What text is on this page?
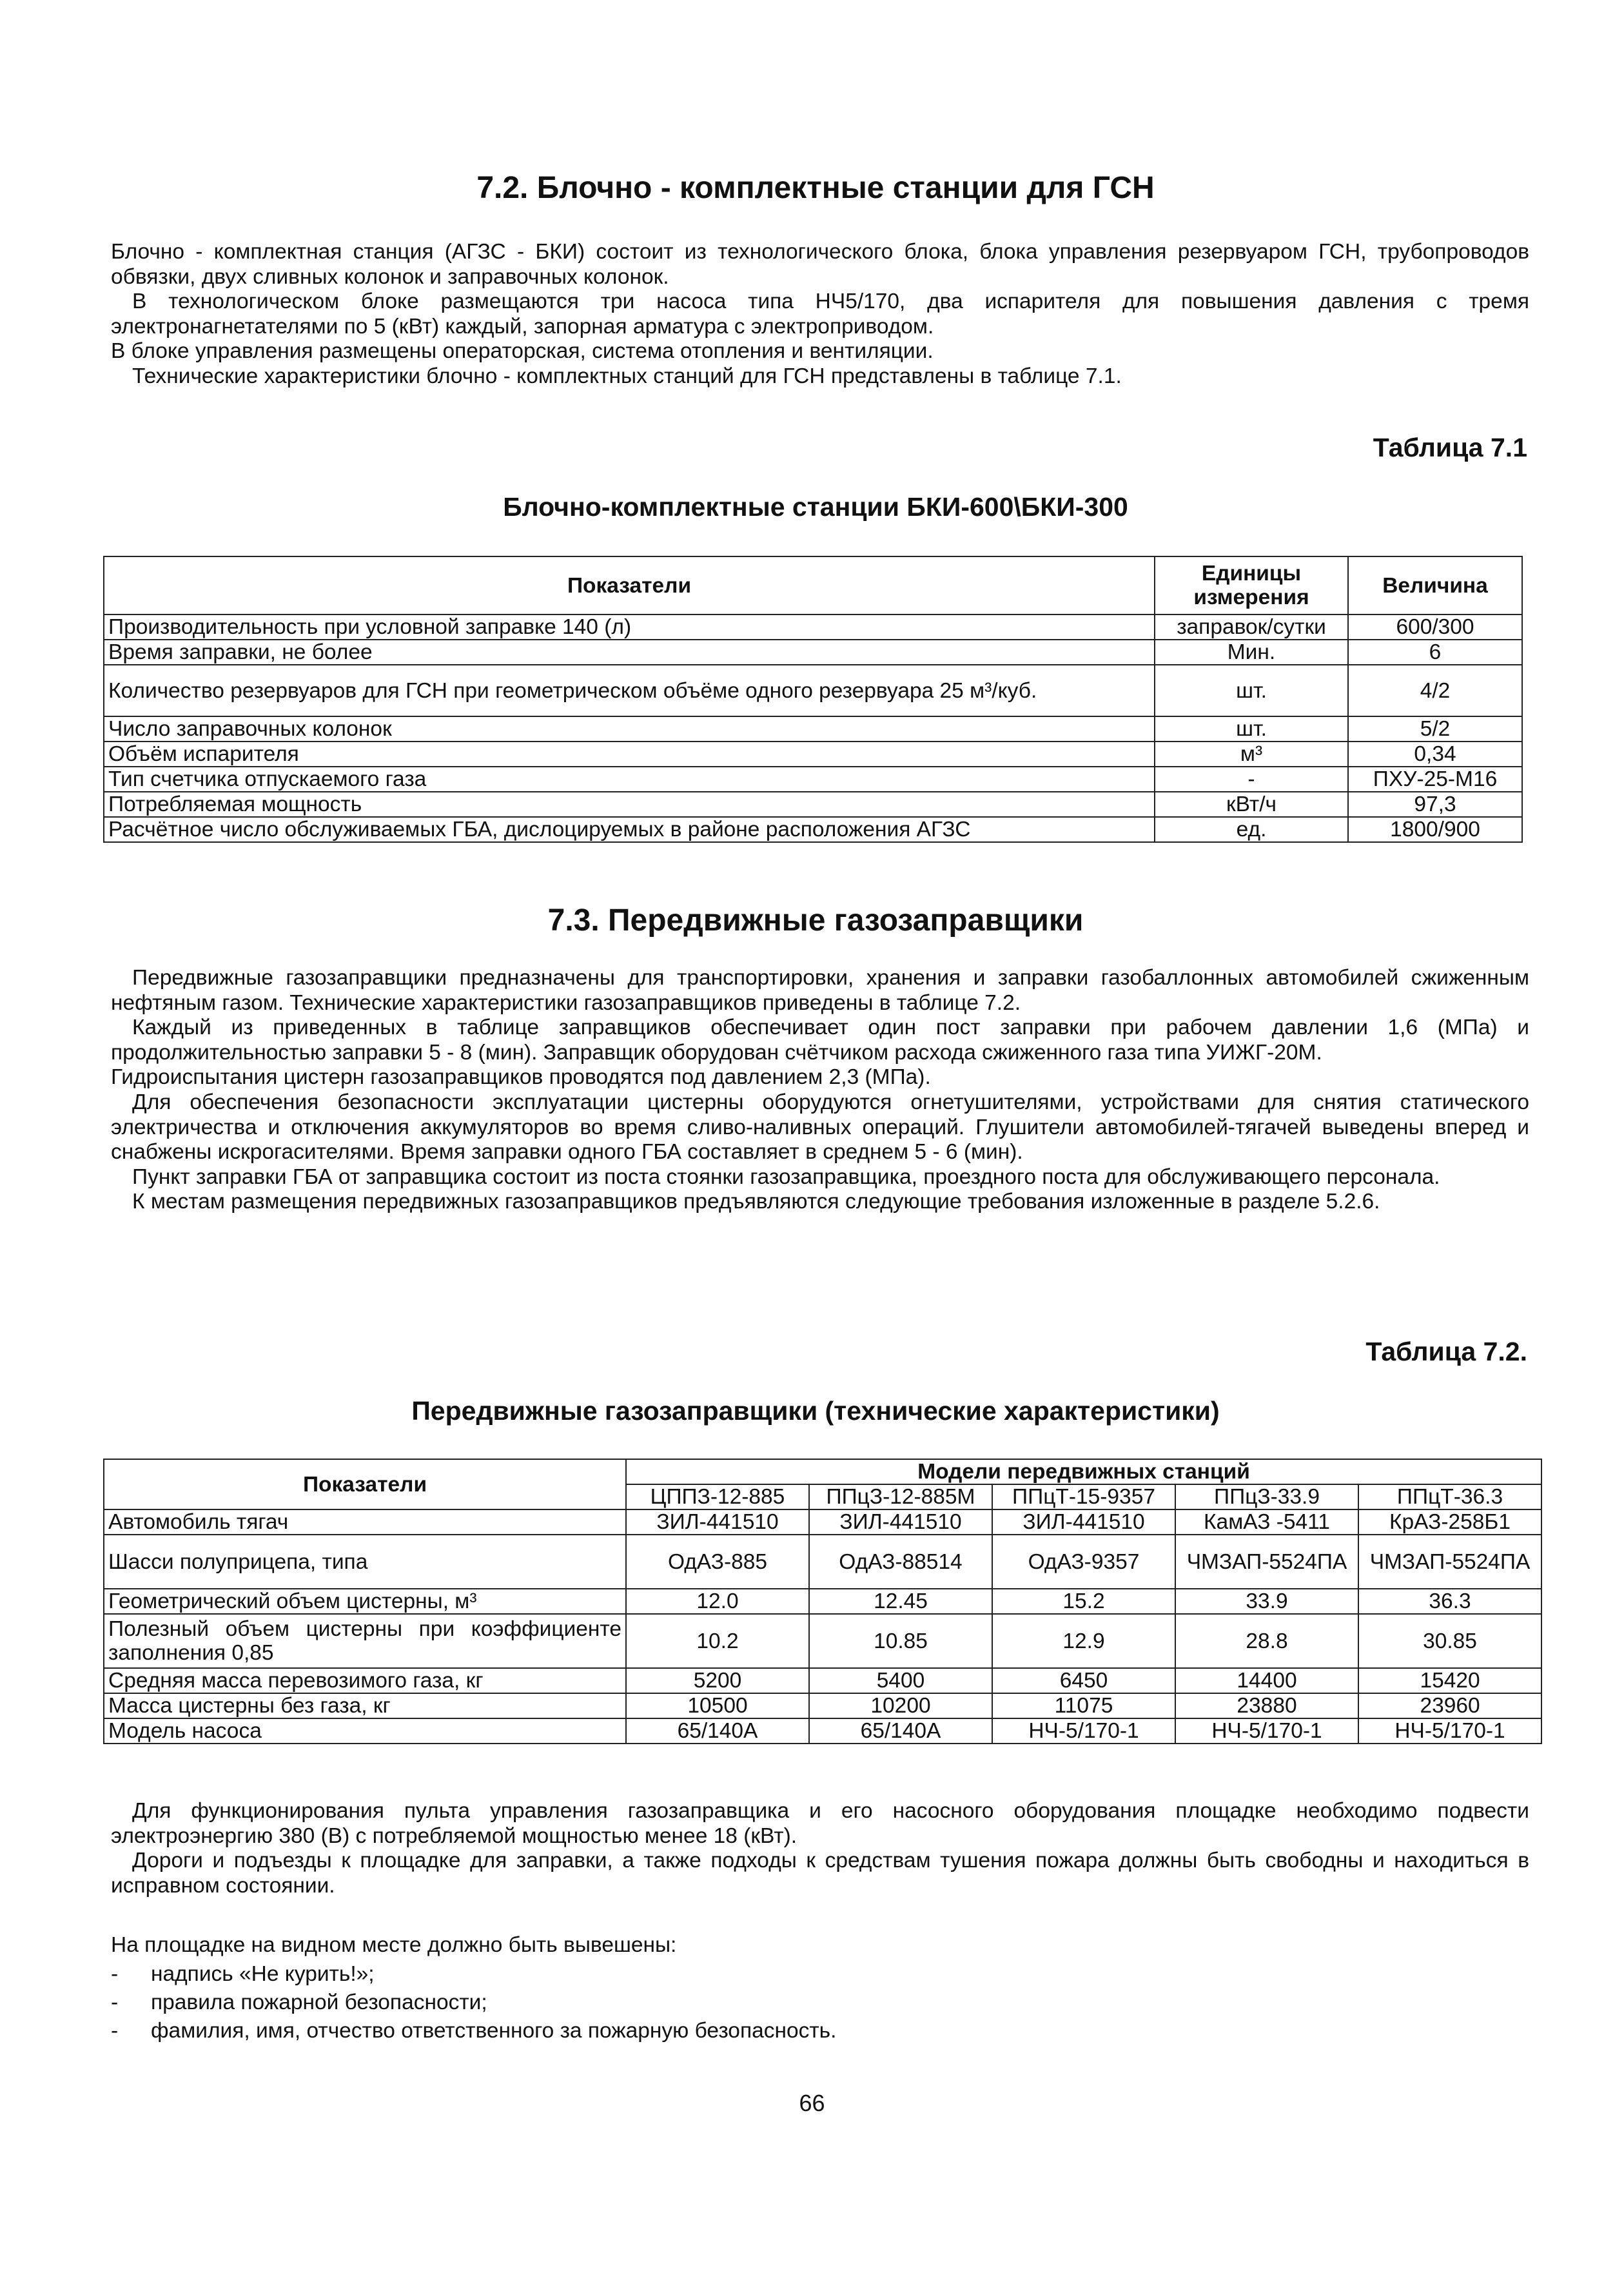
7.2. Блочно - комплектные станции для ГСН

Блочно - комплектная станция (АГЗС - БКИ) состоит из технологического блока, блока управления резервуаром ГСН, трубопроводов обвязки, двух сливных колонок и заправочных колонок.

В технологическом блоке размещаются три насоса типа НЧ5/170, два испарителя для повышения давления с тремя электронагнетателями по 5 (кВт) каждый, запорная арматура с электроприводом.

В блоке управления размещены операторская, система отопления и вентиляции.

Технические характеристики блочно - комплектных станций для ГСН представлены в таблице 7.1.

Таблица 7.1
Блочно-комплектные станции БКИ-600\БКИ-300
Показатели	Единицы измерения	Величина
Производительность при условной заправке 140 (л)	заправок/сутки	600/300
Время заправки, не более	Мин.	6
Количество резервуаров для ГСН при геометрическом объёме одного резервуара 25 м³/куб.	шт.	4/2
Число заправочных колонок	шт.	5/2
Объём испарителя	м³	0,34
Тип счетчика отпускаемого газа	-	ПХУ-25-М16
Потребляемая мощность	кВт/ч	97,3
Расчётное число обслуживаемых ГБА, дислоцируемых в районе расположения АГЗС	ед.	1800/900
7.3. Передвижные газозаправщики

Передвижные газозаправщики предназначены для транспортировки, хранения и заправки газобаллонных автомобилей сжиженным нефтяным газом. Технические характеристики газозаправщиков приведены в таблице 7.2.

Каждый из приведенных в таблице заправщиков обеспечивает один пост заправки при рабочем давлении 1,6 (МПа) и продолжительностью заправки 5 - 8 (мин). Заправщик оборудован счётчиком расхода сжиженного газа типа УИЖГ-20М.

Гидроиспытания цистерн газозаправщиков проводятся под давлением 2,3 (МПа).

Для обеспечения безопасности эксплуатации цистерны оборудуются огнетушителями, устройствами для снятия статического электричества и отключения аккумуляторов во время сливо-наливных операций. Глушители автомобилей-тягачей выведены вперед и снабжены искрогасителями. Время заправки одного ГБА составляет в среднем 5 - 6 (мин).

Пункт заправки ГБА от заправщика состоит из поста стоянки газозаправщика, проездного поста для обслуживающего персонала.

К местам размещения передвижных газозаправщиков предъявляются следующие требования изложенные в разделе 5.2.6.

Таблица 7.2.
Передвижные газозаправщики (технические характеристики)
Показатели	Модели передвижных станций				
	ЦППЗ-12-885	ППцЗ-12-885М	ППцТ-15-9357	ППцЗ-33.9	ППцТ-36.3
Автомобиль тягач	ЗИЛ-441510	ЗИЛ-441510	ЗИЛ-441510	КамАЗ -5411	КрАЗ-258Б1
Шасси полуприцепа, типа	ОдАЗ-885	ОдАЗ-88514	ОдАЗ-9357	ЧМЗАП-5524ПА	ЧМЗАП-5524ПА
Геометрический объем цистерны, м³	12.0	12.45	15.2	33.9	36.3
Полезный объем цистерны при коэффициенте заполнения 0,85	10.2	10.85	12.9	28.8	30.85
Средняя масса перевозимого газа, кг	5200	5400	6450	14400	15420
Масса цистерны без газа, кг	10500	10200	11075	23880	23960
Модель насоса	65/140А	65/140А	НЧ-5/170-1	НЧ-5/170-1	НЧ-5/170-1

Для функционирования пульта управления газозаправщика и его насосного оборудования площадке необходимо подвести электроэнергию 380 (В) с потребляемой мощностью менее 18 (кВт).

Дороги и подъезды к площадке для заправки, а также подходы к средствам тушения пожара должны быть свободны и находиться в исправном состоянии.

На площадке на видном месте должно быть вывешены:

- надпись «Не курить!»;
- правила пожарной безопасности;
- фамилия, имя, отчество ответственного за пожарную безопасность.
66
